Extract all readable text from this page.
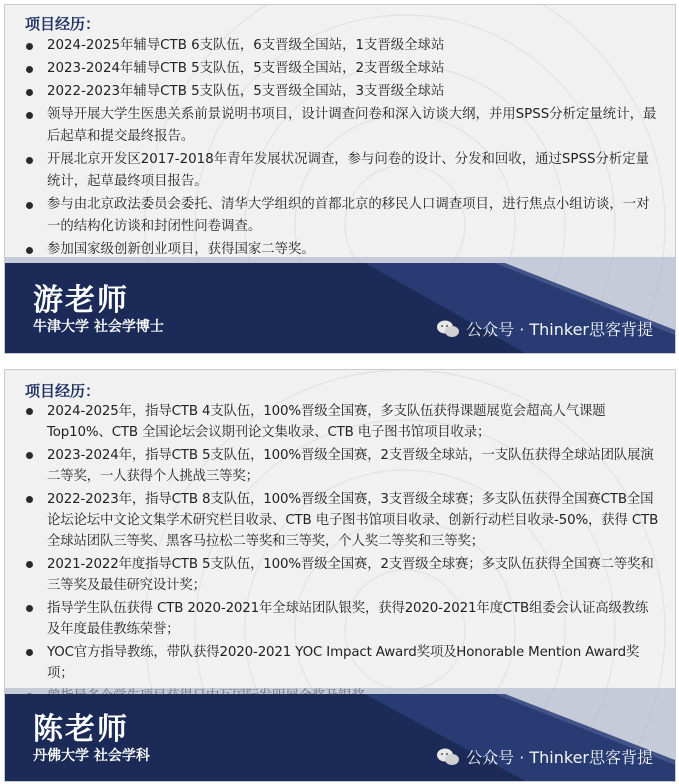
项目经历：
2024-2025年辅导CTB 6支队伍，6支晋级全国站，1支晋级全球站
2023-2024年辅导CTB 5支队伍，5支晋级全国站，2支晋级全球站
2022-2023年辅导CTB 5支队伍，5支晋级全国站，3支晋级全球站
领导开展大学生医患关系前景说明书项目，设计调查问卷和深入访谈大纲，并用SPSS分析定量统计，最后起草和提交最终报告。
开展北京开发区2017-2018年青年发展状况调查，参与问卷的设计、分发和回收，通过SPSS分析定量统计，起草最终项目报告。
参与由北京政法委员会委托、清华大学组织的首都北京的移民人口调查项目，进行焦点小组访谈，一对一的结构化访谈和封闭性问卷调查。
参加国家级创新创业项目，获得国家二等奖。
游老师
牛津大学 社会学博士	公众号 · Thinker思客背提
项目经历：
2024-2025年，指导CTB 4支队伍，100%晋级全国赛，多支队伍获得课题展览会超高人气课题Top10%、CTB 全国论坛会议期刊论文集收录、CTB 电子图书馆项目收录；
2023-2024年，指导CTB 5支队伍，100%晋级全国赛，2支晋级全球站，一支队伍获得全球站团队展演二等奖，一人获得个人挑战三等奖；
2022-2023年，指导CTB 8支队伍，100%晋级全国赛，3支晋级全球赛；多支队伍获得全国赛CTB全国论坛论坛中文论文集学术研究栏目收录、CTB 电子图书馆项目收录、创新行动栏目收录-50%，获得 CTB全球站团队三等奖、黑客马拉松二等奖和三等奖，个人奖二等奖和三等奖；
2021-2022年度指导CTB 5支队伍，100%晋级全国赛，2支晋级全球赛；多支队伍获得全国赛二等奖和三等奖及最佳研究设计奖；
指导学生队伍获得 CTB 2020-2021年全球站团队银奖，获得2020-2021年度CTB组委会认证高级教练及年度最佳教练荣誉；
YOC官方指导教练，带队获得2020-2021 YOC Impact Award奖项及Honorable Mention Award奖项；
陈老师
丹佛大学 社会学科	公众号 · Thinker思客背提
